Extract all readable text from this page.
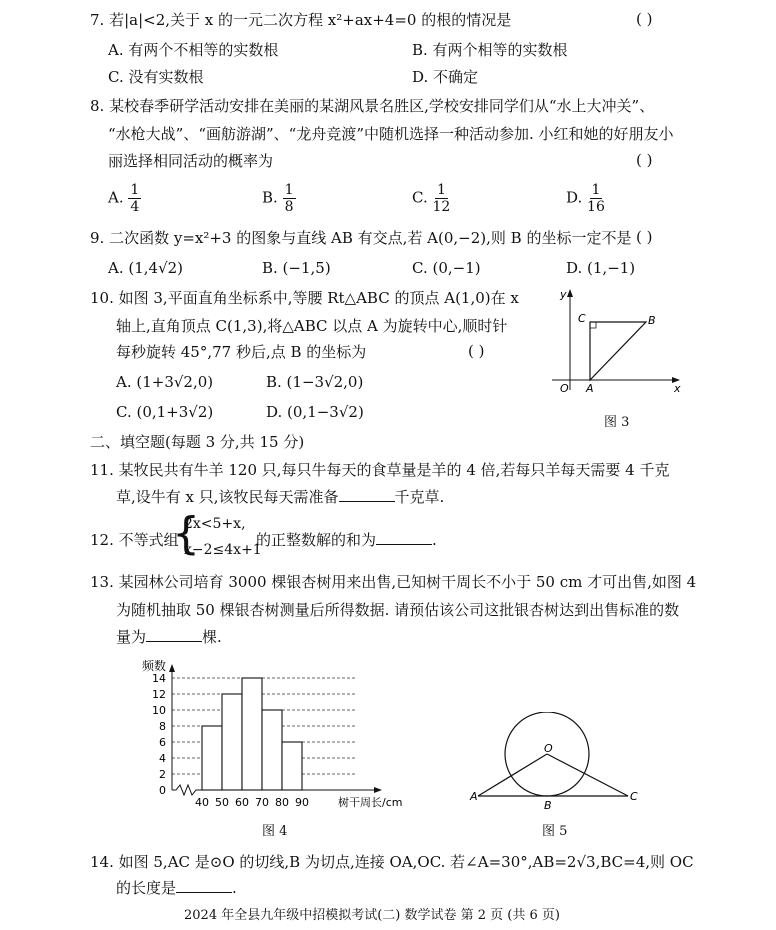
7. 若|a|<2,关于 x 的一元二次方程 x²+ax+4=0 的根的情况是	( )
A. 有两个不相等的实数根	B. 有两个相等的实数根
C. 没有实数根	D. 不确定
8. 某校春季研学活动安排在美丽的某湖风景名胜区,学校安排同学们从“水上大冲关”、
“水枪大战”、“画舫游湖”、“龙舟竞渡”中随机选择一种活动参加. 小红和她的好朋友小
丽选择相同活动的概率为	( )
A. $\frac{1}{4}$	B. $\frac{1}{8}$	C. $\frac{1}{12}$	D. $\frac{1}{16}$
9. 二次函数 y=x²+3 的图象与直线 AB 有交点,若 A(0,−2),则 B 的坐标一定不是 ( )
A. (1,4√2)	B. (−1,5)	C. (0,−1)	D. (1,−1)
10. 如图 3,平面直角坐标系中,等腰 Rt△ABC 的顶点 A(1,0)在 x
轴上,直角顶点 C(1,3),将△ABC 以点 A 为旋转中心,顺时针
每秒旋转 45°,77 秒后,点 B 的坐标为	( )
A. (1+3√2,0)	B. (1−3√2,0)
C. (0,1+3√2)	D. (0,1−3√2)
y
x
O A
B
C
图 3
二、填空题(每题 3 分,共 15 分)
11. 某牧民共有牛羊 120 只,每只牛每天的食草量是羊的 4 倍,若每只羊每天需要 4 千克
草,设牛有 x 只,该牧民每天需准备	千克草.
12. 不等式组
{
2x<5+x,
x−2≤4x+1
的正整数解的和为	.
13. 某园林公司培育 3000 棵银杏树用来出售,已知树干周长不小于 50 cm 才可出售,如图 4
为随机抽取 50 棵银杏树测量后所得数据. 请预估该公司这批银杏树达到出售标准的数
量为	棵.
0
2
4
6
8
10
12
14
40 50 60 70 80 90
频数
树干周长/cm
图 4
O
A
B
C
图 5
14. 如图 5,AC 是⊙O 的切线,B 为切点,连接 OA,OC. 若∠A=30°,AB=2√3,BC=4,则 OC
的长度是	.
2024 年全县九年级中招模拟考试(二) 数学试卷 第 2 页 (共 6 页)
